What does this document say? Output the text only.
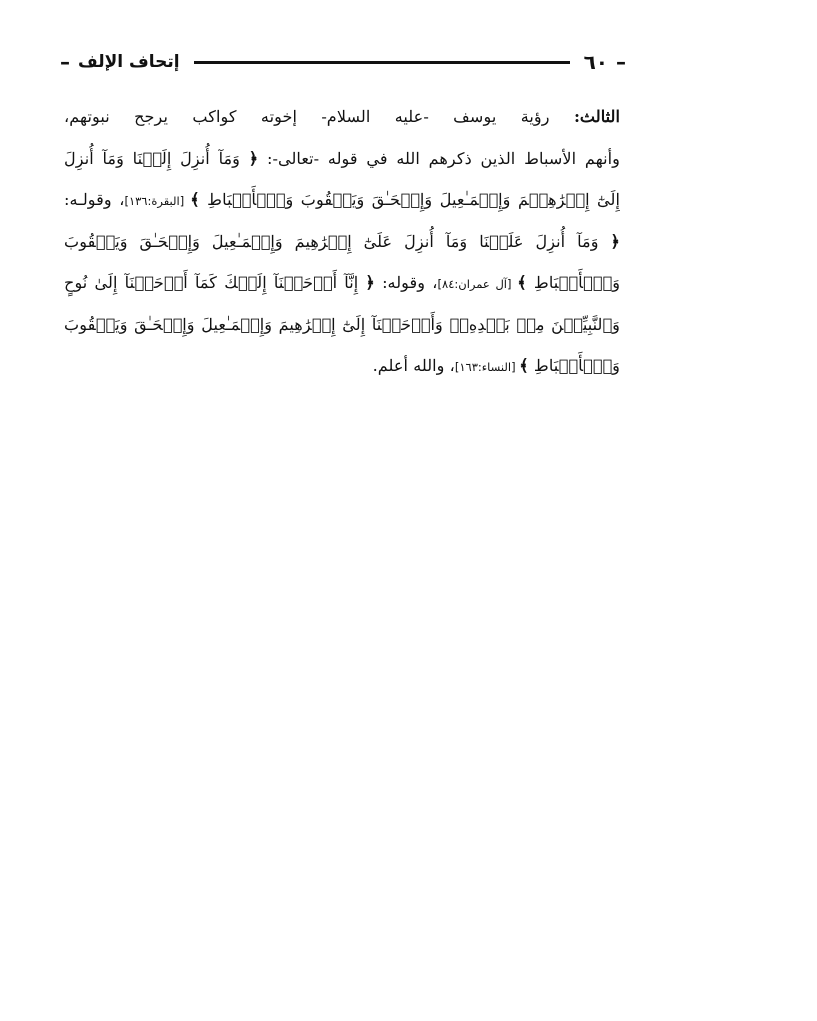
–
٦٠
إتحاف الإلف
–
الثالث: رؤية يوسف -عليه السلام- إخوته كواكب يرجح نبوتهم،
وأنهم الأسباط الذين ذكرهم الله في قوله -تعالى-: ﴿ وَمَآ أُنزِلَ إِلَيۡنَا وَمَآ أُنزِلَ
إِلَىٰٓ إِبۡرَٰهِـۧمَ وَإِسۡمَـٰعِيلَ وَإِسۡحَـٰقَ وَيَعۡقُوبَ وَٱلۡأَسۡبَاطِ ﴾ [البقرة:١٣٦]، وقولـه:
﴿ وَمَآ أُنزِلَ عَلَيۡنَا وَمَآ أُنزِلَ عَلَىٰٓ إِبۡرَٰهِيمَ وَإِسۡمَـٰعِيلَ وَإِسۡحَـٰقَ وَيَعۡقُوبَ
وَٱلۡأَسۡبَاطِ ﴾ [آل عمران:٨٤]، وقوله: ﴿ إِنَّآ أَوۡحَيۡنَآ إِلَيۡكَ كَمَآ أَوۡحَيۡنَآ إِلَىٰ نُوحٍ
وَٱلنَّبِيِّـۧنَ مِنۢ بَعۡدِهِۦۚ وَأَوۡحَيۡنَآ إِلَىٰٓ إِبۡرَٰهِيمَ وَإِسۡمَـٰعِيلَ وَإِسۡحَـٰقَ وَيَعۡقُوبَ
وَٱلۡأَسۡبَاطِ ﴾ [النساء:١٦٣]، والله أعلم.
